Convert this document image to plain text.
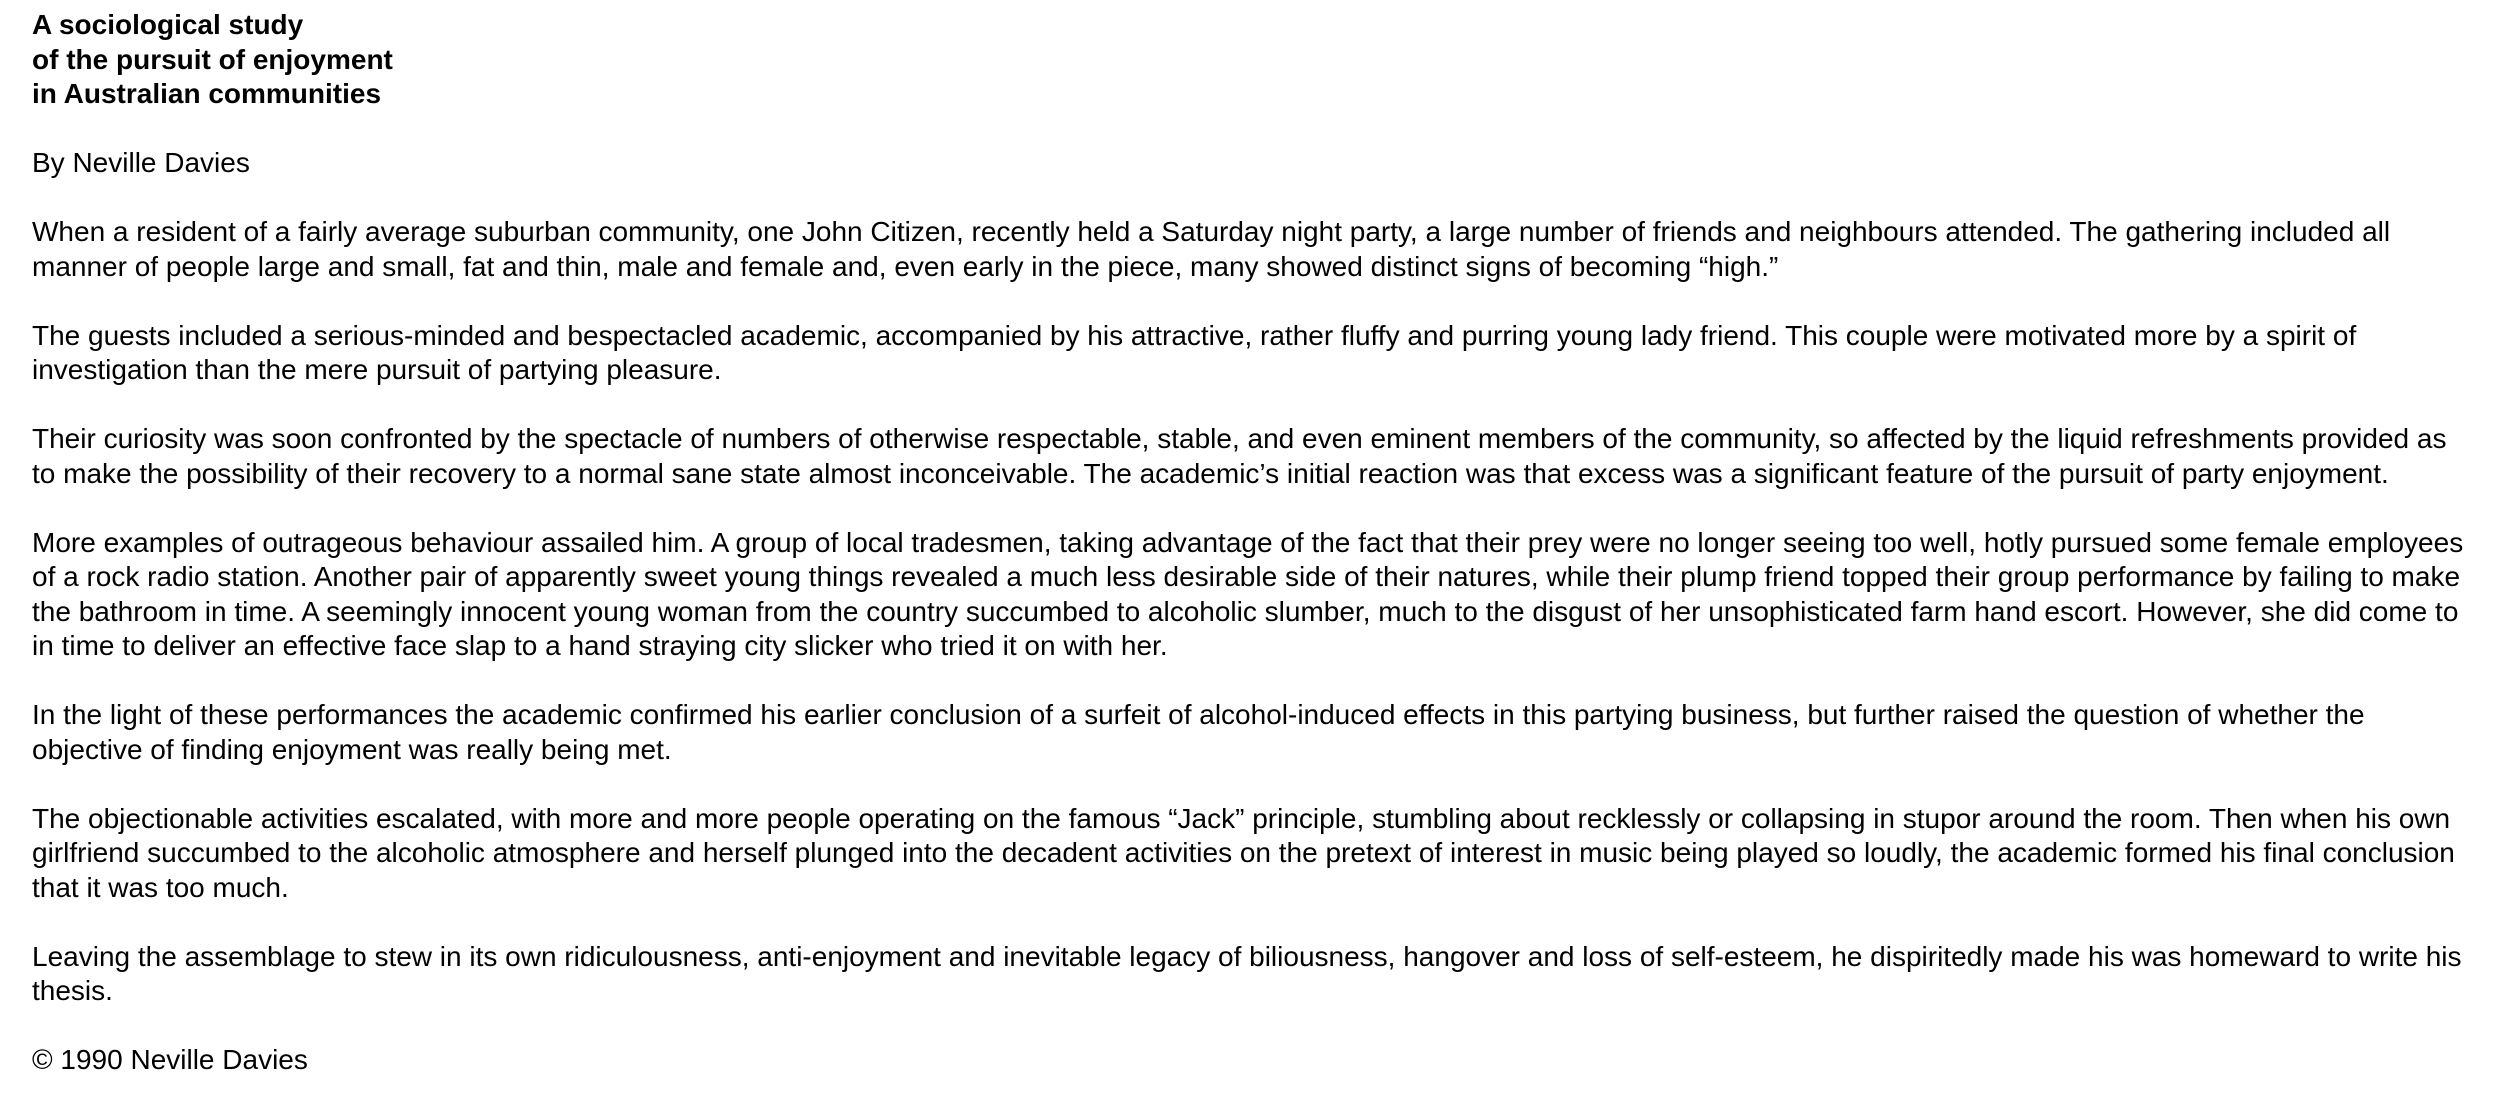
A sociological study
of the pursuit of enjoyment
in Australian communities

By Neville Davies

When a resident of a fairly average suburban community, one John Citizen, recently held a Saturday night party, a large number of friends and neighbours attended. The gathering included all manner of people large and small, fat and thin, male and female and, even early in the piece, many showed distinct signs of becoming “high.”

The guests included a serious-minded and bespectacled academic, accompanied by his attractive, rather fluffy and purring young lady friend. This couple were motivated more by a spirit of investigation than the mere pursuit of partying pleasure.

Their curiosity was soon confronted by the spectacle of numbers of otherwise respectable, stable, and even eminent members of the community, so affected by the liquid refreshments provided as to make the possibility of their recovery to a normal sane state almost inconceivable. The academic’s initial reaction was that excess was a significant feature of the pursuit of party enjoyment.

More examples of outrageous behaviour assailed him. A group of local tradesmen, taking advantage of the fact that their prey were no longer seeing too well, hotly pursued some female employees of a rock radio station. Another pair of apparently sweet young things revealed a much less desirable side of their natures, while their plump friend topped their group performance by failing to make the bathroom in time. A seemingly innocent young woman from the country succumbed to alcoholic slumber, much to the disgust of her unsophisticated farm hand escort. However, she did come to in time to deliver an effective face slap to a hand straying city slicker who tried it on with her.

In the light of these performances the academic confirmed his earlier conclusion of a surfeit of alcohol-induced effects in this partying business, but further raised the question of whether the objective of finding enjoyment was really being met.

The objectionable activities escalated, with more and more people operating on the famous “Jack” principle, stumbling about recklessly or collapsing in stupor around the room. Then when his own girlfriend succumbed to the alcoholic atmosphere and herself plunged into the decadent activities on the pretext of interest in music being played so loudly, the academic formed his final conclusion that it was too much.

Leaving the assemblage to stew in its own ridiculousness, anti-enjoyment and inevitable legacy of biliousness, hangover and loss of self-esteem, he dispiritedly made his was homeward to write his thesis.

© 1990 Neville Davies
